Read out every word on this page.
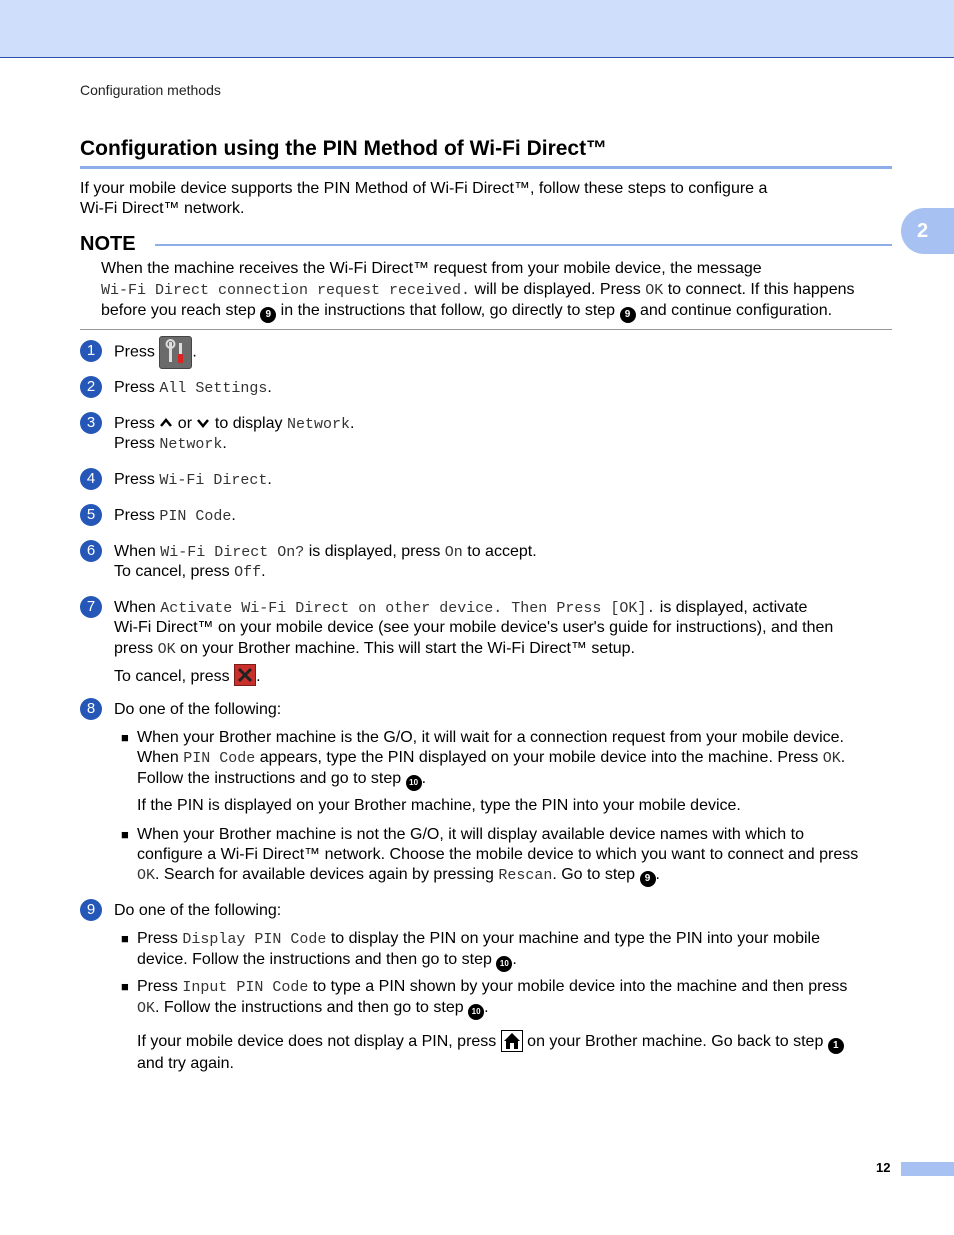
Configuration methods
2
Configuration using the PIN Method of Wi-Fi Direct™
If your mobile device supports the PIN Method of Wi-Fi Direct™, follow these steps to configure a
Wi-Fi Direct™ network.
NOTE
When the machine receives the Wi-Fi Direct™ request from your mobile device, the message
Wi-Fi Direct connection request received. will be displayed. Press OK to connect. If this happens
before you reach step 9 in the instructions that follow, go directly to step 9 and continue configuration.
1	Press .
2	Press All Settings.
3	Press  or  to display Network.
Press Network.
4	Press Wi-Fi Direct.
5	Press PIN Code.
6	When Wi-Fi Direct On? is displayed, press On to accept.
To cancel, press Off.
7	When Activate Wi-Fi Direct on other device. Then Press [OK]. is displayed, activate
Wi-Fi Direct™ on your mobile device (see your mobile device's user's guide for instructions), and then
press OK on your Brother machine. This will start the Wi-Fi Direct™ setup.
To cancel, press .
8	Do one of the following:
■ When your Brother machine is the G/O, it will wait for a connection request from your mobile device.
When PIN Code appears, type the PIN displayed on your mobile device into the machine. Press OK.
Follow the instructions and go to step 10 .
If the PIN is displayed on your Brother machine, type the PIN into your mobile device.
■ When your Brother machine is not the G/O, it will display available device names with which to
configure a Wi-Fi Direct™ network. Choose the mobile device to which you want to connect and press
OK. Search for available devices again by pressing Rescan. Go to step 9 .
9	Do one of the following:
■ Press Display PIN Code to display the PIN on your machine and type the PIN into your mobile
device. Follow the instructions and then go to step 10 .
■ Press Input PIN Code to type a PIN shown by your mobile device into the machine and then press
OK. Follow the instructions and then go to step 10 .
If your mobile device does not display a PIN, press  on your Brother machine. Go back to step 1
and try again.
12
